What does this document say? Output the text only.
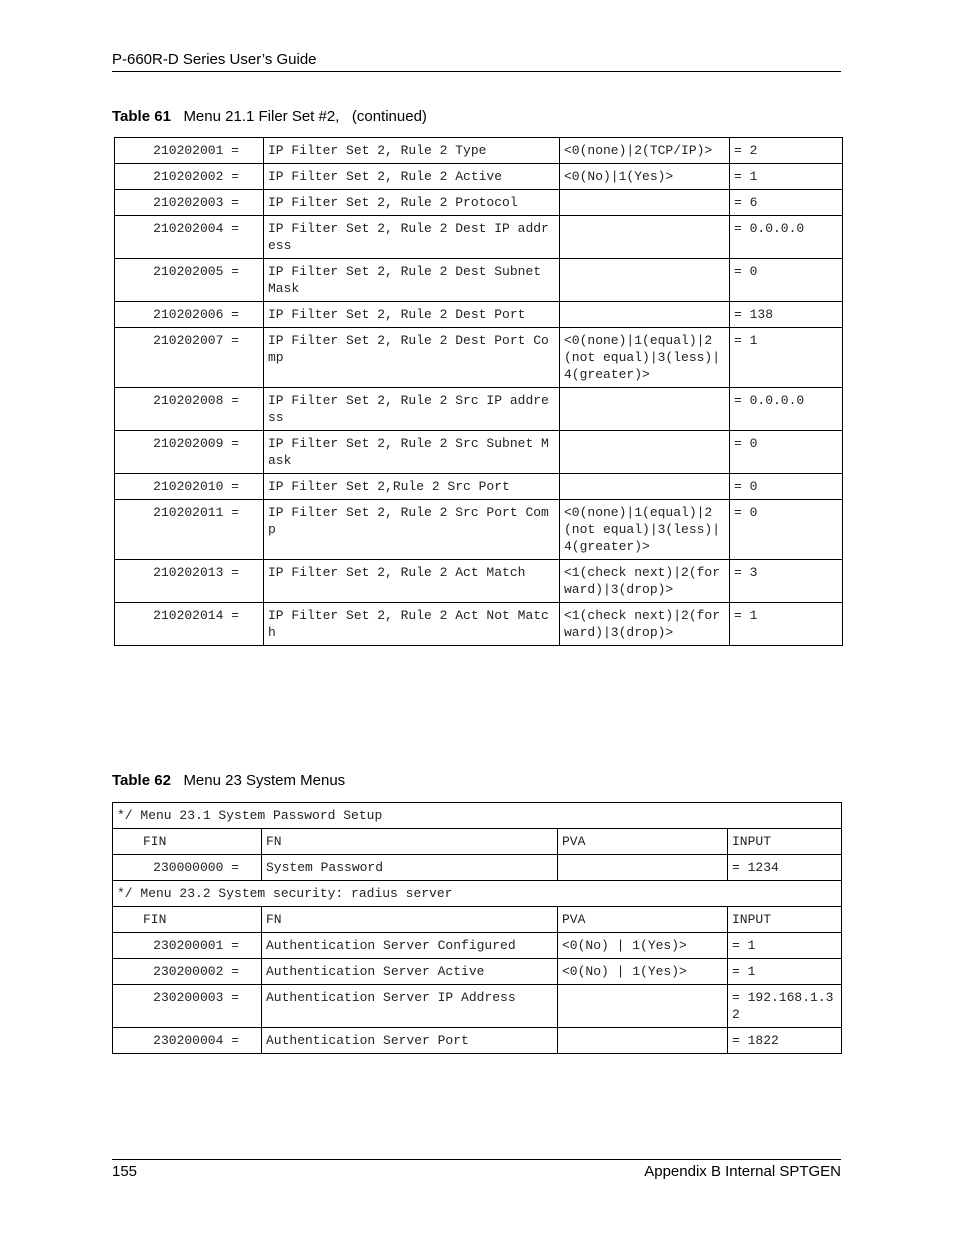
P-660R-D Series User’s Guide
Table 61 Menu 21.1 Filer Set #2,   (continued)
210202001 =	IP Filter Set 2, Rule 2 Type	<0(none)|2(TCP/IP)>	= 2
210202002 =	IP Filter Set 2, Rule 2 Active	<0(No)|1(Yes)>	= 1
210202003 =	IP Filter Set 2, Rule 2 Protocol		= 6
210202004 =	IP Filter Set 2, Rule 2 Dest IP address		= 0.0.0.0
210202005 =	IP Filter Set 2, Rule 2 Dest Subnet Mask		= 0
210202006 =	IP Filter Set 2, Rule 2 Dest Port		= 138
210202007 =	IP Filter Set 2, Rule 2 Dest Port Comp	<0(none)|1(equal)|2(not equal)|3(less)|4(greater)>	= 1
210202008 =	IP Filter Set 2, Rule 2 Src IP address		= 0.0.0.0
210202009 =	IP Filter Set 2, Rule 2 Src Subnet Mask		= 0
210202010 =	IP Filter Set 2,Rule 2 Src Port		= 0
210202011 =	IP Filter Set 2, Rule 2 Src Port Comp	<0(none)|1(equal)|2(not equal)|3(less)|4(greater)>	= 0
210202013 =	IP Filter Set 2, Rule 2 Act Match	<1(check next)|2(forward)|3(drop)>	= 3
210202014 =	IP Filter Set 2, Rule 2 Act Not Match	<1(check next)|2(forward)|3(drop)>	= 1
Table 62 Menu 23 System Menus
*/ Menu 23.1 System Password Setup			
FIN	FN	PVA	INPUT
230000000 =	System Password		= 1234
*/ Menu 23.2 System security: radius server			
FIN	FN	PVA	INPUT
230200001 =	Authentication Server Configured	<0(No) | 1(Yes)>	= 1
230200002 =	Authentication Server Active	<0(No) | 1(Yes)>	= 1
230200003 =	Authentication Server IP Address		= 192.168.1.32
230200004 =	Authentication Server Port		= 1822
155	Appendix B Internal SPTGEN
